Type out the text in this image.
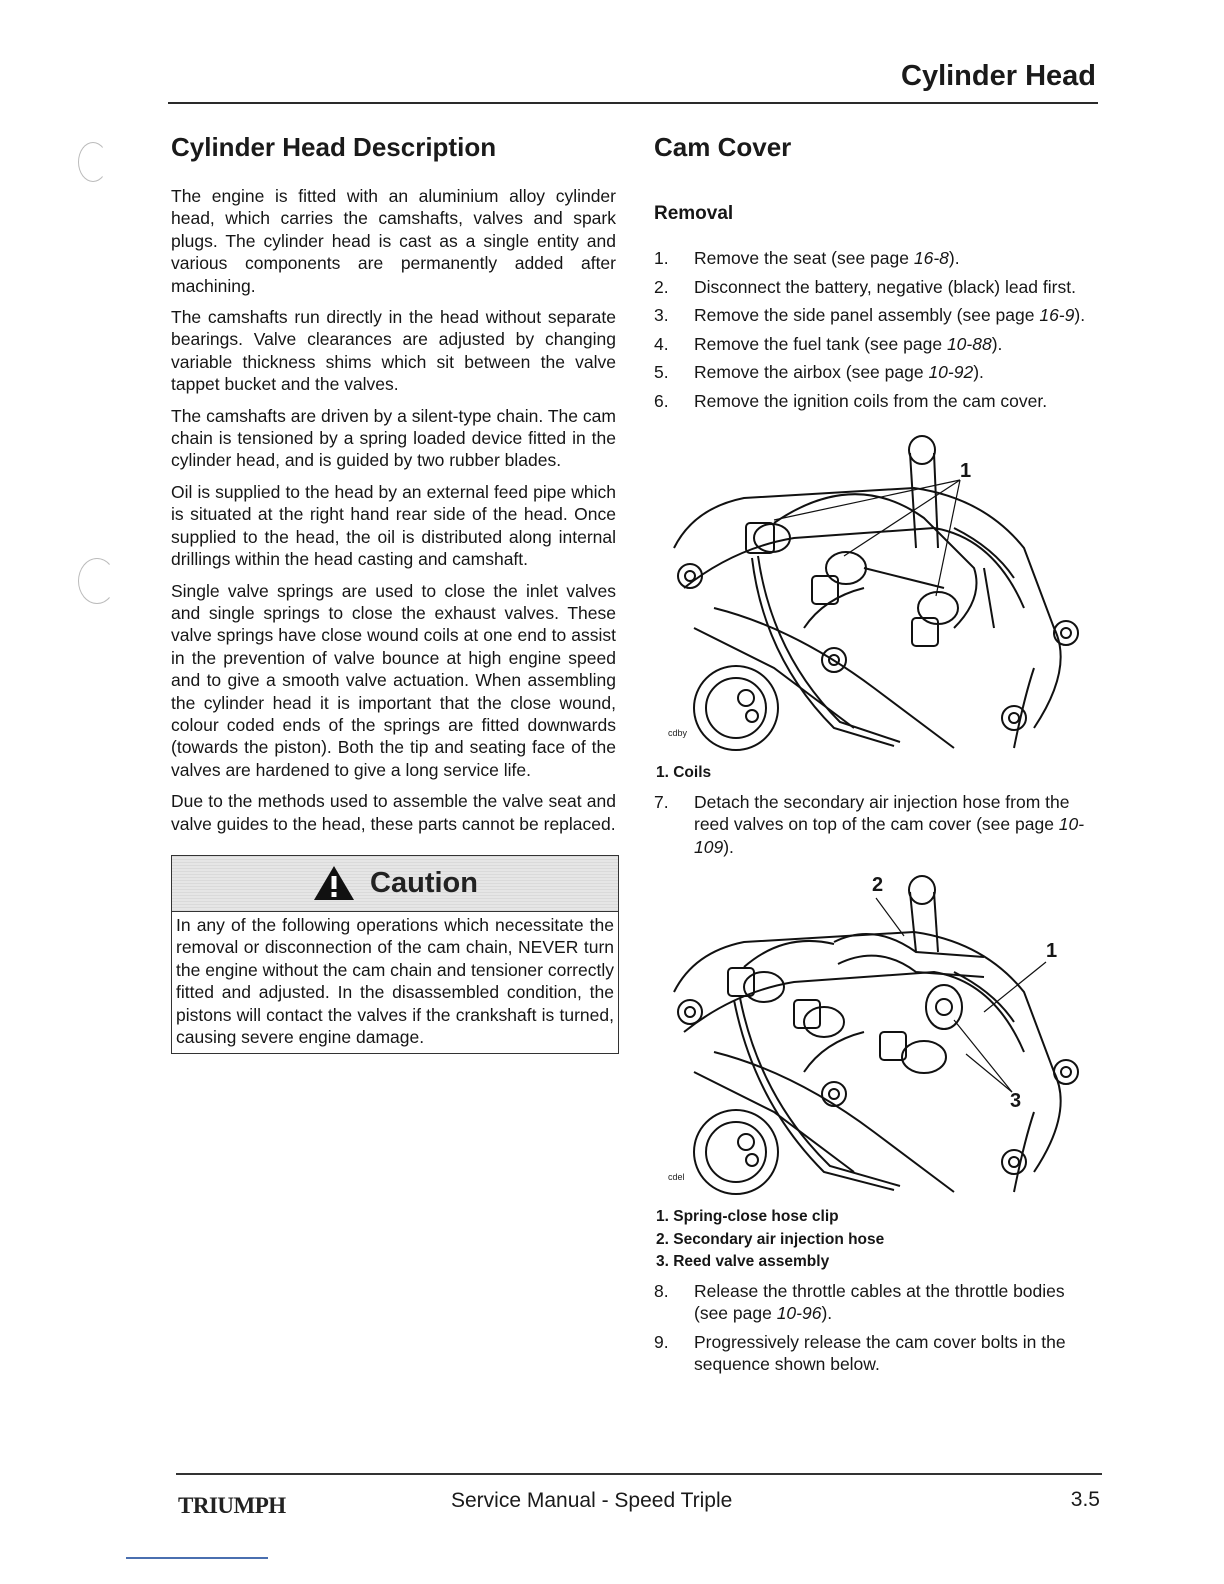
Cylinder Head
Cylinder Head Description

The engine is fitted with an aluminium alloy cylinder head, which carries the camshafts, valves and spark plugs. The cylinder head is cast as a single entity and various components are permanently added after machining.

The camshafts run directly in the head without separate bearings. Valve clearances are adjusted by changing variable thickness shims which sit between the valve tappet bucket and the valves.

The camshafts are driven by a silent-type chain. The cam chain is tensioned by a spring loaded device fitted in the cylinder head, and is guided by two rubber blades.

Oil is supplied to the head by an external feed pipe which is situated at the right hand rear side of the head. Once supplied to the head, the oil is distributed along internal drillings within the head casting and camshaft.

Single valve springs are used to close the inlet valves and single springs to close the exhaust valves. These valve springs have close wound coils at one end to assist in the prevention of valve bounce at high engine speed and to give a smooth valve actuation. When assembling the cylinder head it is important that the close wound, colour coded ends of the springs are fitted downwards (towards the piston). Both the tip and seating face of the valves are hardened to give a long service life.

Due to the methods used to assemble the valve seat and valve guides to the head, these parts cannot be replaced.

Caution
In any of the following operations which necessitate the removal or disconnection of the cam chain, NEVER turn the engine without the cam chain and tensioner correctly fitted and adjusted. In the disassembled condition, the pistons will contact the valves if the crankshaft is turned, causing severe engine damage.
Cam Cover
Removal
1.	Remove the seat (see page 16-8).
2.	Disconnect the battery, negative (black) lead first.
3.	Remove the side panel assembly (see page 16-9).
4.	Remove the fuel tank (see page 10-88).
5.	Remove the airbox (see page 10-92).
6.	Remove the ignition coils from the cam cover.
cdby
1
1. Coils
7.	Detach the secondary air injection hose from the reed valves on top of the cam cover (see page 10-109).
cdel
1
2
3
1. Spring-close hose clip
2. Secondary air injection hose
3. Reed valve assembly
8.	Release the throttle cables at the throttle bodies (see page 10-96).
9.	Progressively release the cam cover bolts in the sequence shown below.
TRIUMPH	Service Manual - Speed Triple	3.5
